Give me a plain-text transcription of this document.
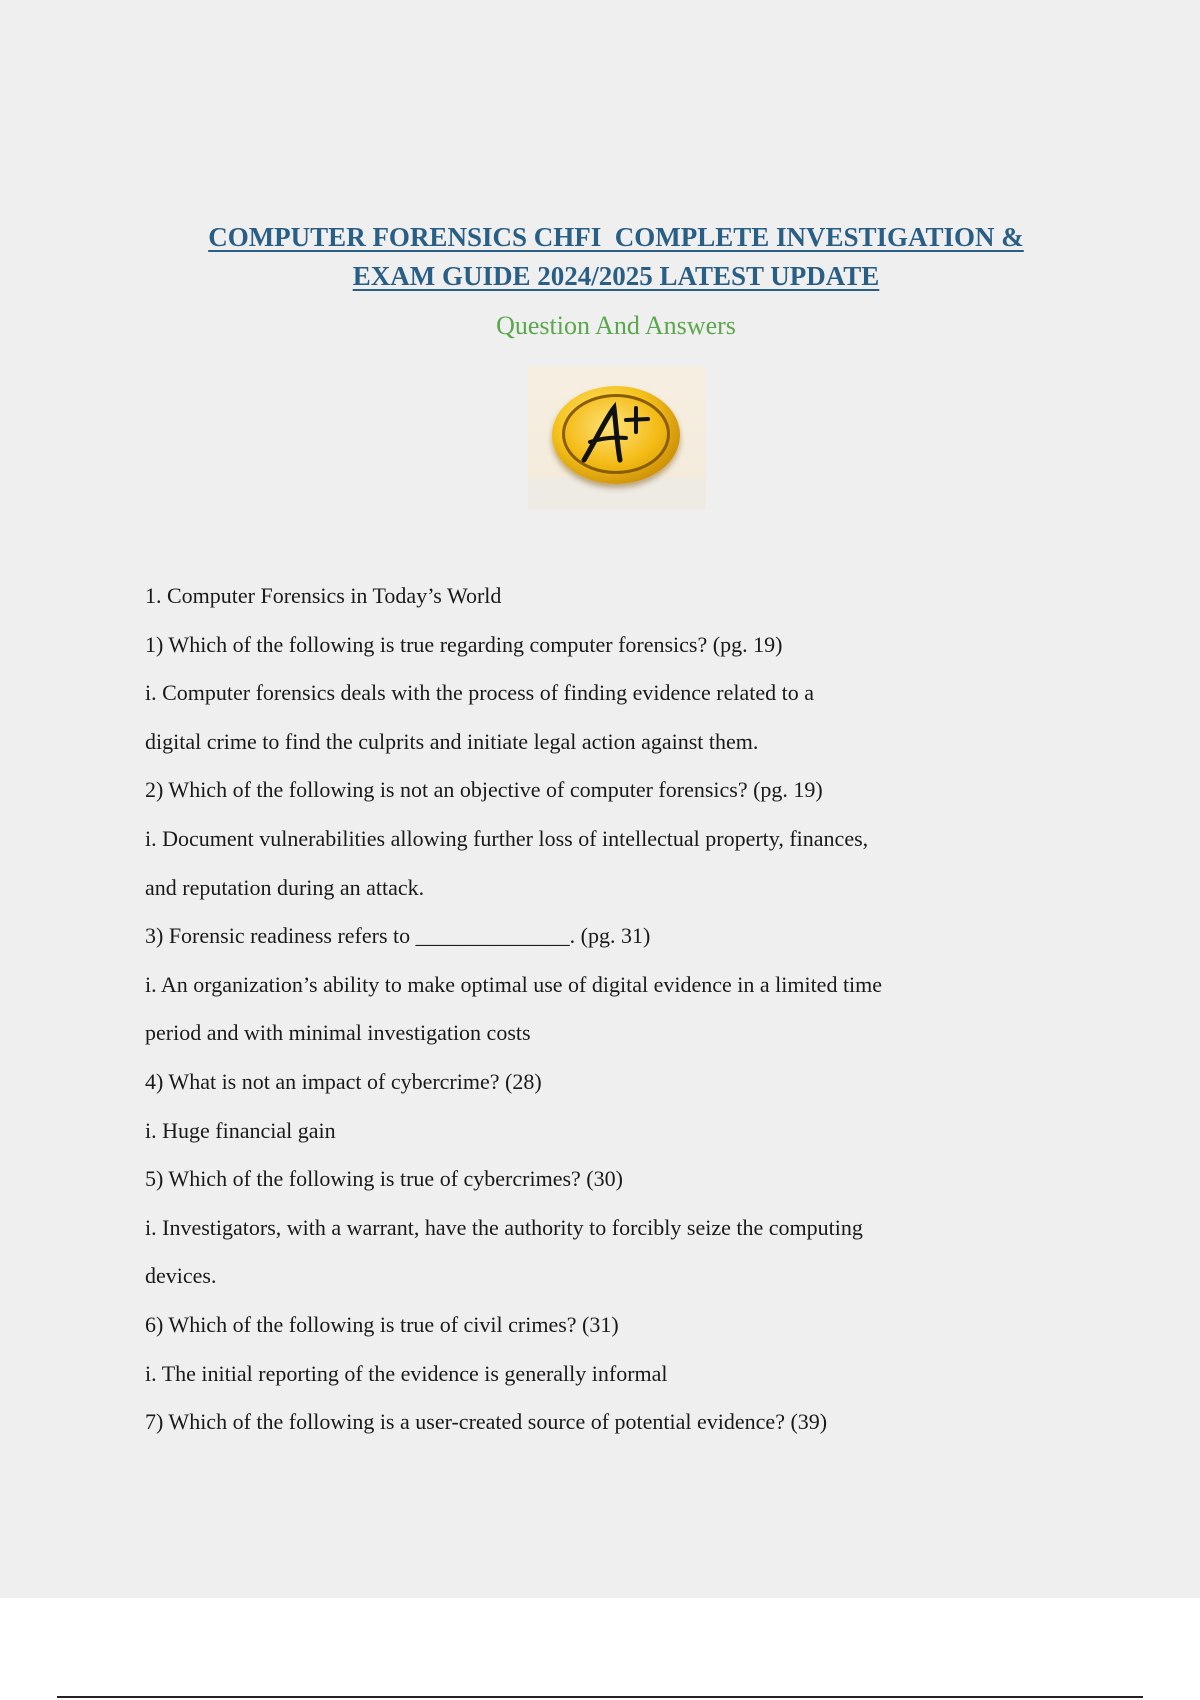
COMPUTER FORENSICS CHFI  COMPLETE INVESTIGATION &
EXAM GUIDE 2024/2025 LATEST UPDATE

Question And Answers

1. Computer Forensics in Today’s World

1) Which of the following is true regarding computer forensics? (pg. 19)

i. Computer forensics deals with the process of finding evidence related to a

digital crime to find the culprits and initiate legal action against them.

2) Which of the following is not an objective of computer forensics? (pg. 19)

i. Document vulnerabilities allowing further loss of intellectual property, finances,

and reputation during an attack.

3) Forensic readiness refers to ______________. (pg. 31)

i. An organization’s ability to make optimal use of digital evidence in a limited time

period and with minimal investigation costs

4) What is not an impact of cybercrime? (28)

i. Huge financial gain

5) Which of the following is true of cybercrimes? (30)

i. Investigators, with a warrant, have the authority to forcibly seize the computing

devices.

6) Which of the following is true of civil crimes? (31)

i. The initial reporting of the evidence is generally informal

7) Which of the following is a user-created source of potential evidence? (39)
